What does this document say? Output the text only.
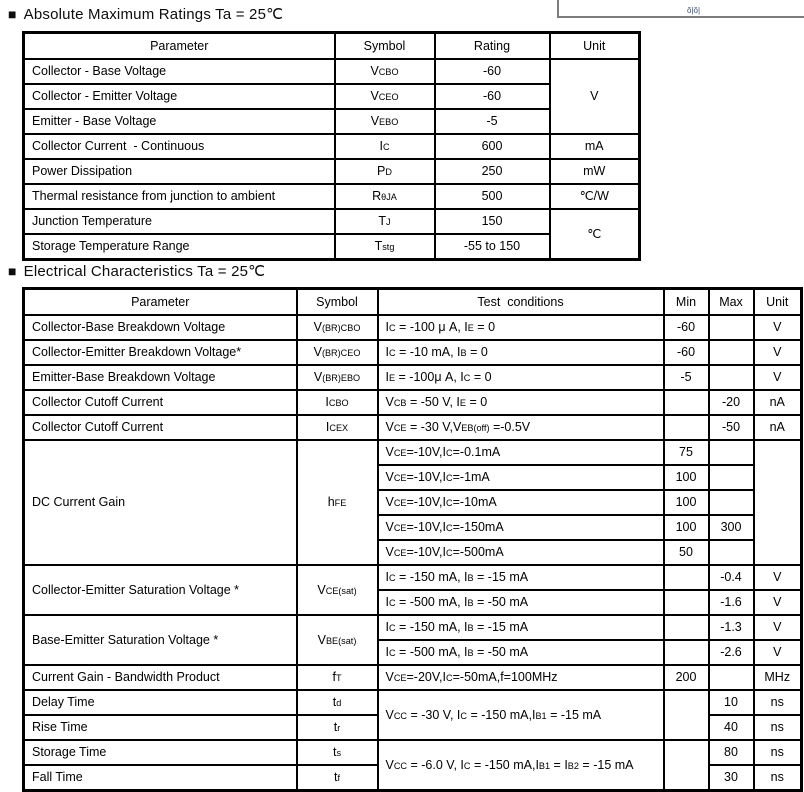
ŏ|ŏ|
■ Absolute Maximum Ratings Ta = 25℃
Parameter	Symbol	Rating	Unit
Collector - Base Voltage	VCBO	-60	V
Collector - Emitter Voltage	VCEO	-60	
Emitter - Base Voltage	VEBO	-5	
Collector Current  - Continuous	IC	600	mA
Power Dissipation	PD	250	mW
Thermal resistance from junction to ambient	RθJA	500	℃/W
Junction Temperature	TJ	150	℃
Storage Temperature Range	Tstg	-55 to 150	
■ Electrical Characteristics Ta = 25℃
Parameter	Symbol	Test  conditions	Min	Max	Unit
Collector-Base Breakdown Voltage	V(BR)CBO	IC = -100 μ A, IE = 0	-60		V
Collector-Emitter Breakdown Voltage*	V(BR)CEO	IC = -10 mA, IB = 0	-60		V
Emitter-Base Breakdown Voltage	V(BR)EBO	IE = -100μ A, IC = 0	-5		V
Collector Cutoff Current	ICBO	VCB = -50 V, IE = 0		-20	nA
Collector Cutoff Current	ICEX	VCE = -30 V,VEB(off) =-0.5V		-50	nA
DC Current Gain	hFE	VCE=-10V,IC=-0.1mA	75		
		VCE=-10V,IC=-1mA	100		
		VCE=-10V,IC=-10mA	100		
		VCE=-10V,IC=-150mA	100	300	
		VCE=-10V,IC=-500mA	50		
Collector-Emitter Saturation Voltage *	VCE(sat)	IC = -150 mA, IB = -15 mA		-0.4	V
		IC = -500 mA, IB = -50 mA		-1.6	V
Base-Emitter Saturation Voltage *	VBE(sat)	IC = -150 mA, IB = -15 mA		-1.3	V
		IC = -500 mA, IB = -50 mA		-2.6	V
Current Gain - Bandwidth Product	fT	VCE=-20V,IC=-50mA,f=100MHz	200		MHz
Delay Time	td	VCC = -30 V, IC = -150 mA,IB1 = -15 mA		10	ns
Rise Time	tr			40	ns
Storage Time	ts	VCC = -6.0 V, IC = -150 mA,IB1 = IB2 = -15 mA		80	ns
Fall Time	tf			30	ns
